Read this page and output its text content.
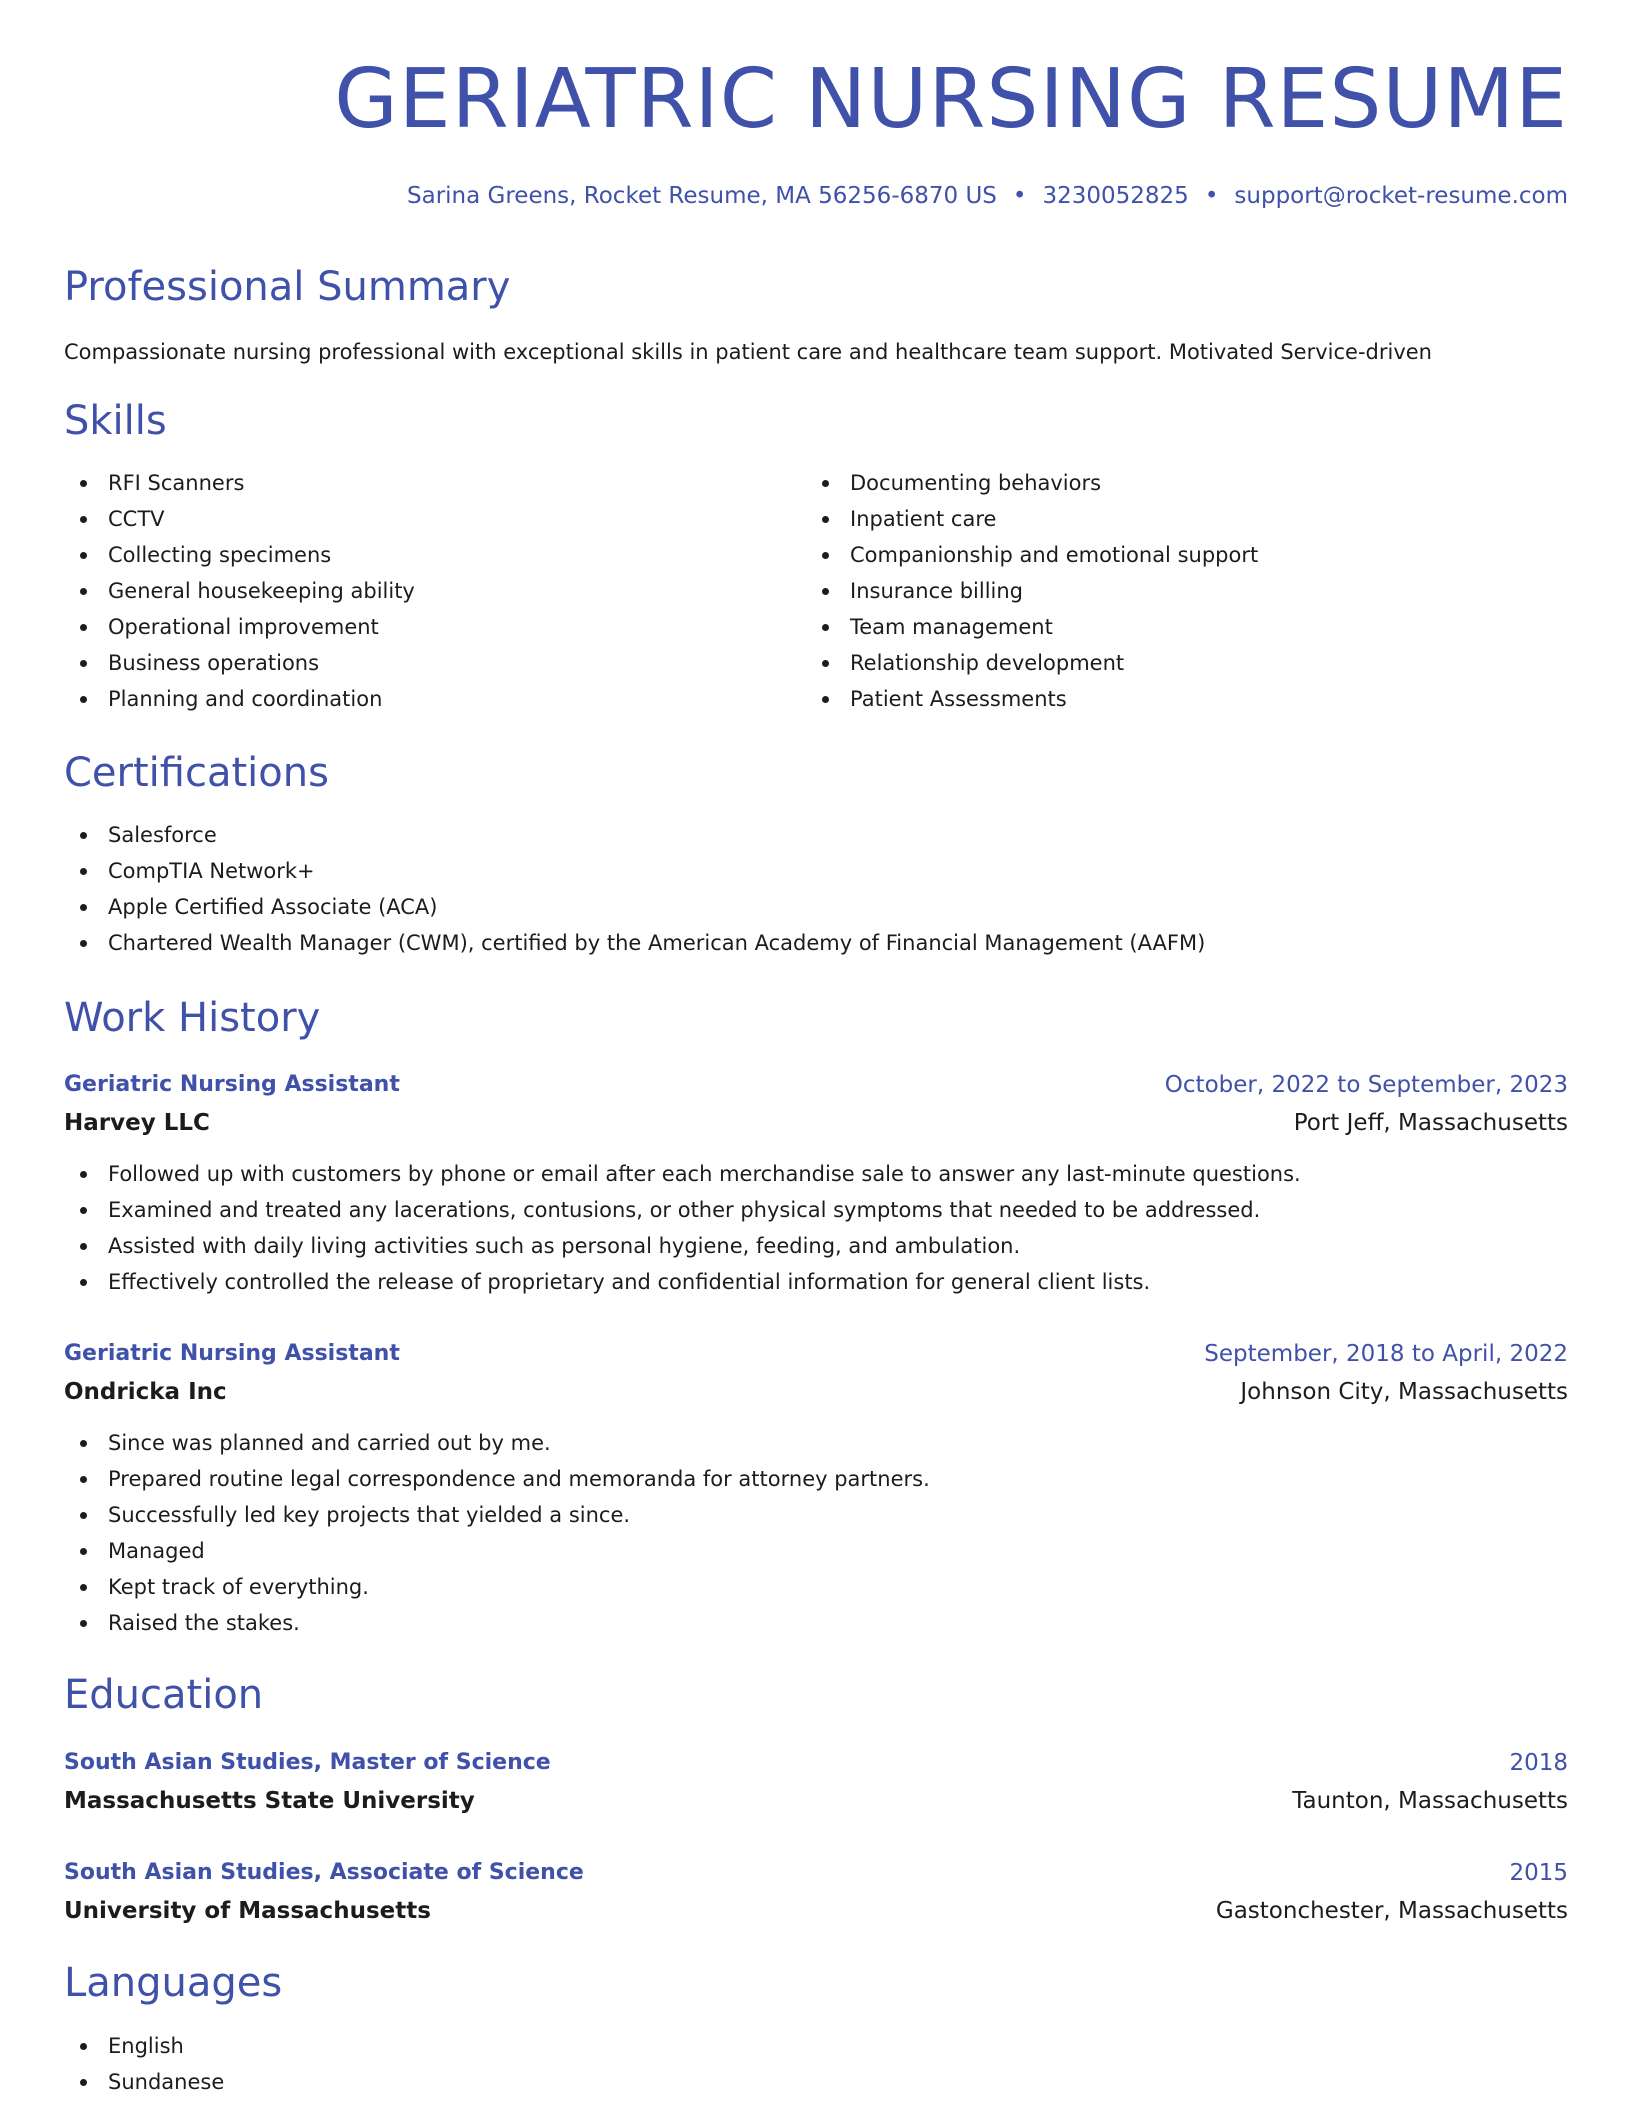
GERIATRIC NURSING RESUME
Sarina Greens, Rocket Resume, MA 56256-6870 US • 3230052825 • support@rocket-resume.com
Professional Summary

Compassionate nursing professional with exceptional skills in patient care and healthcare team support. Motivated Service-driven

Skills
RFI Scanners
CCTV
Collecting specimens
General housekeeping ability
Operational improvement
Business operations
Planning and coordination
Documenting behaviors
Inpatient care
Companionship and emotional support
Insurance billing
Team management
Relationship development
Patient Assessments
Certifications
Salesforce
CompTIA Network+
Apple Certified Associate (ACA)
Chartered Wealth Manager (CWM), certified by the American Academy of Financial Management (AAFM)
Work History
Geriatric Nursing Assistant	October, 2022 to September, 2023
Harvey LLC	Port Jeff, Massachusetts
Followed up with customers by phone or email after each merchandise sale to answer any last-minute questions.
Examined and treated any lacerations, contusions, or other physical symptoms that needed to be addressed.
Assisted with daily living activities such as personal hygiene, feeding, and ambulation.
Effectively controlled the release of proprietary and confidential information for general client lists.
Geriatric Nursing Assistant	September, 2018 to April, 2022
Ondricka Inc	Johnson City, Massachusetts
Since was planned and carried out by me.
Prepared routine legal correspondence and memoranda for attorney partners.
Successfully led key projects that yielded a since.
Managed
Kept track of everything.
Raised the stakes.
Education
South Asian Studies, Master of Science	2018
Massachusetts State University	Taunton, Massachusetts
South Asian Studies, Associate of Science	2015
University of Massachusetts	Gastonchester, Massachusetts
Languages
English
Sundanese
